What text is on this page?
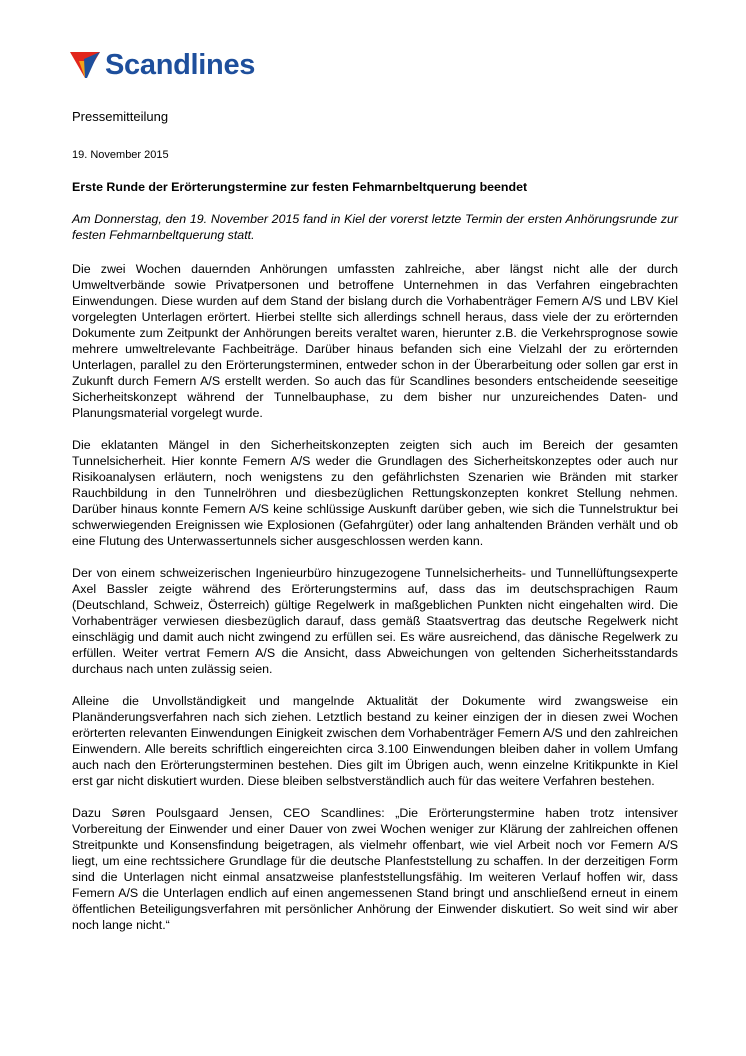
Scandlines
Pressemitteilung
19. November 2015
Erste Runde der Erörterungstermine zur festen Fehmarnbeltquerung beendet
Am Donnerstag, den 19. November 2015 fand in Kiel der vorerst letzte Termin der ersten Anhörungsrunde zur festen Fehmarnbeltquerung statt.

Die zwei Wochen dauernden Anhörungen umfassten zahlreiche, aber längst nicht alle der durch Umweltverbände sowie Privatpersonen und betroffene Unternehmen in das Verfahren eingebrachten Einwendungen. Diese wurden auf dem Stand der bislang durch die Vorhabenträger Femern A/S und LBV Kiel vorgelegten Unterlagen erörtert. Hierbei stellte sich allerdings schnell heraus, dass viele der zu erörternden Dokumente zum Zeitpunkt der Anhörungen bereits veraltet waren, hierunter z.B. die Verkehrsprognose sowie mehrere umweltrelevante Fachbeiträge. Darüber hinaus befanden sich eine Vielzahl der zu erörternden Unterlagen, parallel zu den Erörterungsterminen, entweder schon in der Überarbeitung oder sollen gar erst in Zukunft durch Femern A/S erstellt werden. So auch das für Scandlines besonders entscheidende seeseitige Sicherheitskonzept während der Tunnelbauphase, zu dem bisher nur unzureichendes Daten- und Planungsmaterial vorgelegt wurde.

Die eklatanten Mängel in den Sicherheitskonzepten zeigten sich auch im Bereich der gesamten Tunnelsicherheit. Hier konnte Femern A/S weder die Grundlagen des Sicherheitskonzeptes oder auch nur Risikoanalysen erläutern, noch wenigstens zu den gefährlichsten Szenarien wie Bränden mit starker Rauchbildung in den Tunnelröhren und diesbezüglichen Rettungskonzepten konkret Stellung nehmen. Darüber hinaus konnte Femern A/S keine schlüssige Auskunft darüber geben, wie sich die Tunnelstruktur bei schwerwiegenden Ereignissen wie Explosionen (Gefahrgüter) oder lang anhaltenden Bränden verhält und ob eine Flutung des Unterwassertunnels sicher ausgeschlossen werden kann.

Der von einem schweizerischen Ingenieurbüro hinzugezogene Tunnelsicherheits- und Tunnellüftungsexperte Axel Bassler zeigte während des Erörterungstermins auf, dass das im deutschsprachigen Raum (Deutschland, Schweiz, Österreich) gültige Regelwerk in maßgeblichen Punkten nicht eingehalten wird. Die Vorhabenträger verwiesen diesbezüglich darauf, dass gemäß Staatsvertrag das deutsche Regelwerk nicht einschlägig und damit auch nicht zwingend zu erfüllen sei. Es wäre ausreichend, das dänische Regelwerk zu erfüllen. Weiter vertrat Femern A/S die Ansicht, dass Abweichungen von geltenden Sicherheitsstandards durchaus nach unten zulässig seien.

Alleine die Unvollständigkeit und mangelnde Aktualität der Dokumente wird zwangsweise ein Planänderungsverfahren nach sich ziehen. Letztlich bestand zu keiner einzigen der in diesen zwei Wochen erörterten relevanten Einwendungen Einigkeit zwischen dem Vorhabenträger Femern A/S und den zahlreichen Einwendern. Alle bereits schriftlich eingereichten circa 3.100 Einwendungen bleiben daher in vollem Umfang auch nach den Erörterungsterminen bestehen. Dies gilt im Übrigen auch, wenn einzelne Kritikpunkte in Kiel erst gar nicht diskutiert wurden. Diese bleiben selbstverständlich auch für das weitere Verfahren bestehen.

Dazu Søren Poulsgaard Jensen, CEO Scandlines: „Die Erörterungstermine haben trotz intensiver Vorbereitung der Einwender und einer Dauer von zwei Wochen weniger zur Klärung der zahlreichen offenen Streitpunkte und Konsensfindung beigetragen, als vielmehr offenbart, wie viel Arbeit noch vor Femern A/S liegt, um eine rechtssichere Grundlage für die deutsche Planfeststellung zu schaffen. In der derzeitigen Form sind die Unterlagen nicht einmal ansatzweise planfeststellungsfähig. Im weiteren Verlauf hoffen wir, dass Femern A/S die Unterlagen endlich auf einen angemessenen Stand bringt und anschließend erneut in einem öffentlichen Beteiligungsverfahren mit persönlicher Anhörung der Einwender diskutiert. So weit sind wir aber noch lange nicht.“
